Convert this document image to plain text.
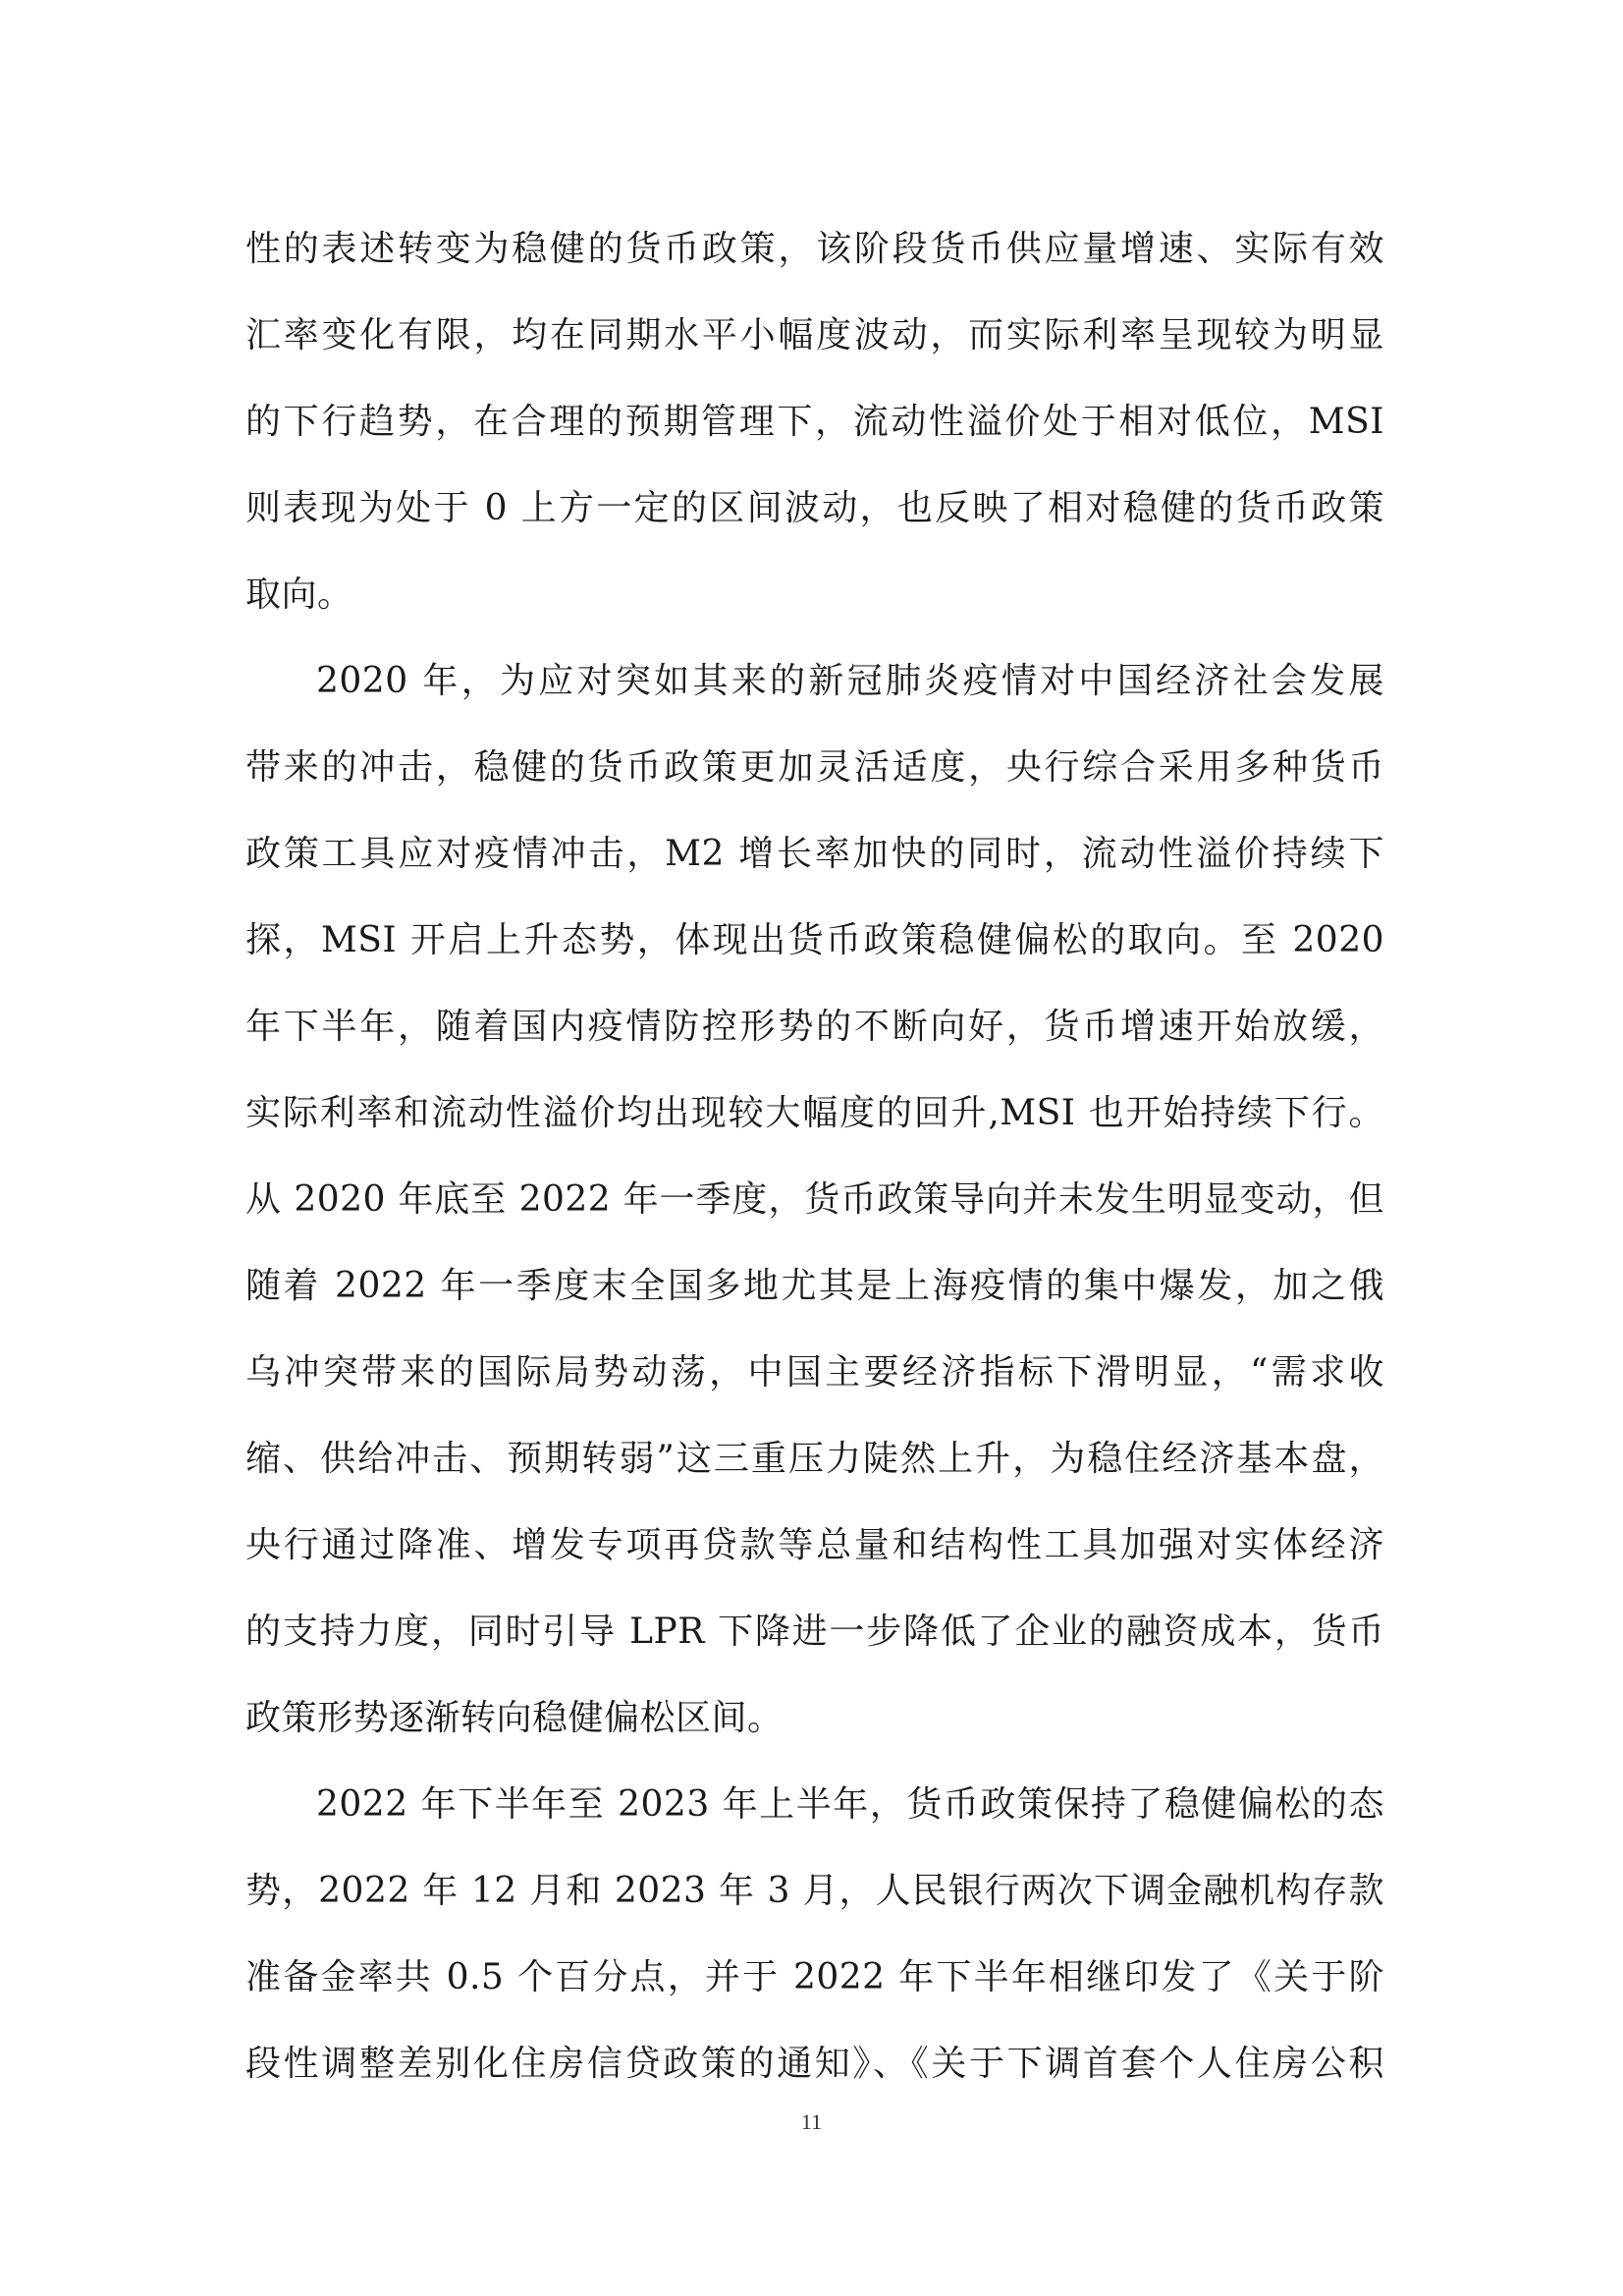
性的表述转变为稳健的货币政策，该阶段货币供应量增速、实际有效
汇率变化有限，均在同期水平小幅度波动，而实际利率呈现较为明显
的下行趋势，在合理的预期管理下，流动性溢价处于相对低位，MSI
则表现为处于 0 上方一定的区间波动，也反映了相对稳健的货币政策
取向。
2020 年，为应对突如其来的新冠肺炎疫情对中国经济社会发展
带来的冲击，稳健的货币政策更加灵活适度，央行综合采用多种货币
政策工具应对疫情冲击，M2 增长率加快的同时，流动性溢价持续下
探，MSI 开启上升态势，体现出货币政策稳健偏松的取向。至 2020
年下半年，随着国内疫情防控形势的不断向好，货币增速开始放缓，
实际利率和流动性溢价均出现较大幅度的回升,MSI 也开始持续下行。
从 2020 年底至 2022 年一季度，货币政策导向并未发生明显变动，但
随着 2022 年一季度末全国多地尤其是上海疫情的集中爆发，加之俄
乌冲突带来的国际局势动荡，中国主要经济指标下滑明显，“需求收
缩、供给冲击、预期转弱”这三重压力陡然上升，为稳住经济基本盘，
央行通过降准、增发专项再贷款等总量和结构性工具加强对实体经济
的支持力度，同时引导 LPR 下降进一步降低了企业的融资成本，货币
政策形势逐渐转向稳健偏松区间。
2022 年下半年至 2023 年上半年，货币政策保持了稳健偏松的态
势，2022 年 12 月和 2023 年 3 月，人民银行两次下调金融机构存款
准备金率共 0.5 个百分点，并于 2022 年下半年相继印发了《关于阶
段性调整差别化住房信贷政策的通知》、《关于下调首套个人住房公积
11
